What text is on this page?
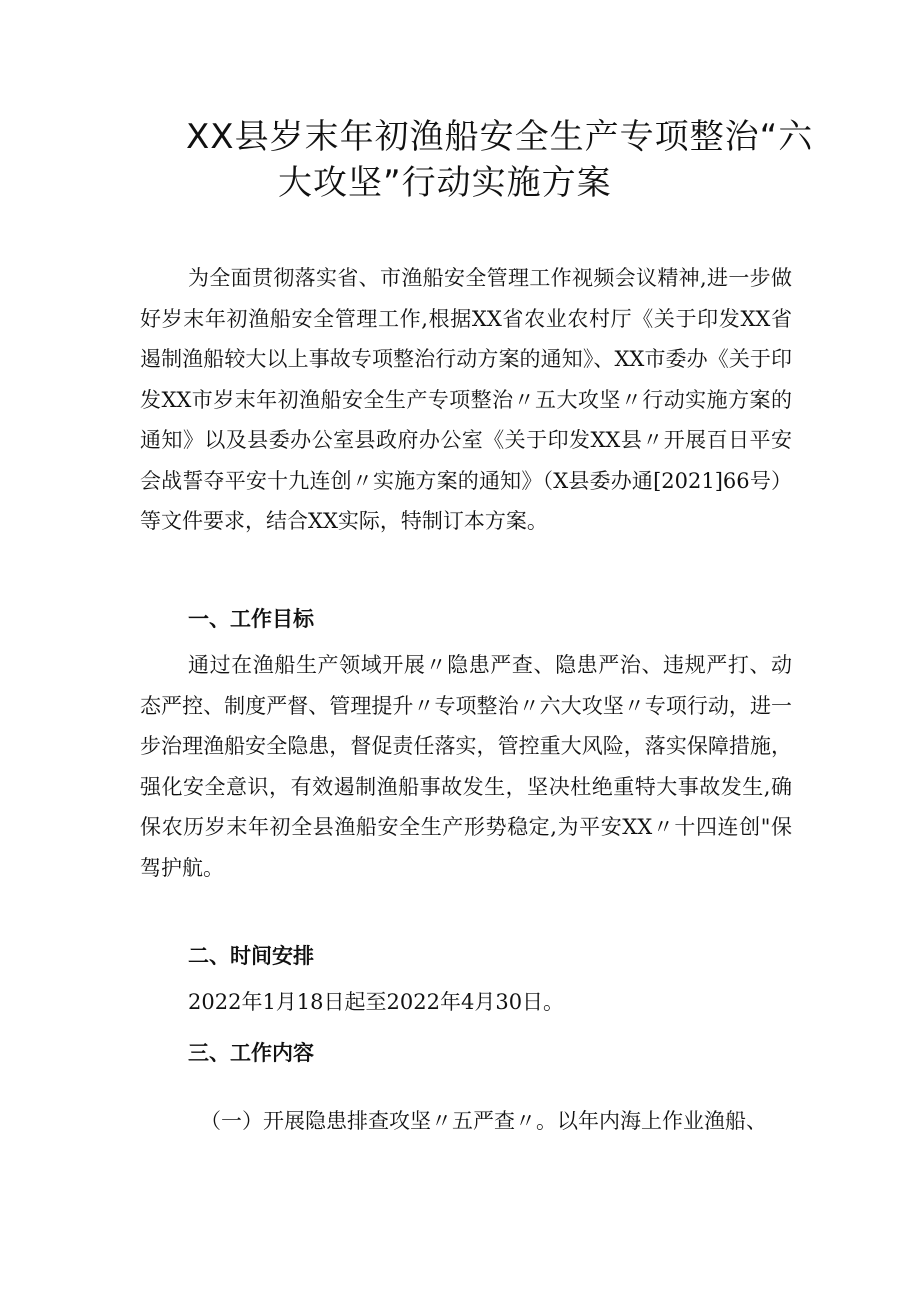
XX县岁末年初渔船安全生产专项整治“六
大攻坚”行动实施方案
为全面贯彻落实省、市渔船安全管理工作视频会议精神,进一步做好岁末年初渔船安全管理工作,根据XX省农业农村厅《关于印发XX省遏制渔船较大以上事故专项整治行动方案的通知》、XX市委办《关于印发XX市岁末年初渔船安全生产专项整治〃五大攻坚〃行动实施方案的通知》以及县委办公室县政府办公室《关于印发XX县〃开展百日平安会战誓夺平安十九连创〃实施方案的通知》（X县委办通[2021]66号）等文件要求，结合XX实际，特制订本方案。
一、工作目标
通过在渔船生产领域开展〃隐患严查、隐患严治、违规严打、动态严控、制度严督、管理提升〃专项整治〃六大攻坚〃专项行动，进一步治理渔船安全隐患，督促责任落实，管控重大风险，落实保障措施，强化安全意识，有效遏制渔船事故发生，坚决杜绝重特大事故发生,确保农历岁末年初全县渔船安全生产形势稳定,为平安XX〃十四连创"保驾护航。
二、时间安排
2022年1月18日起至2022年4月30日。
三、工作内容
（一）开展隐患排查攻坚〃五严查〃。以年内海上作业渔船、
